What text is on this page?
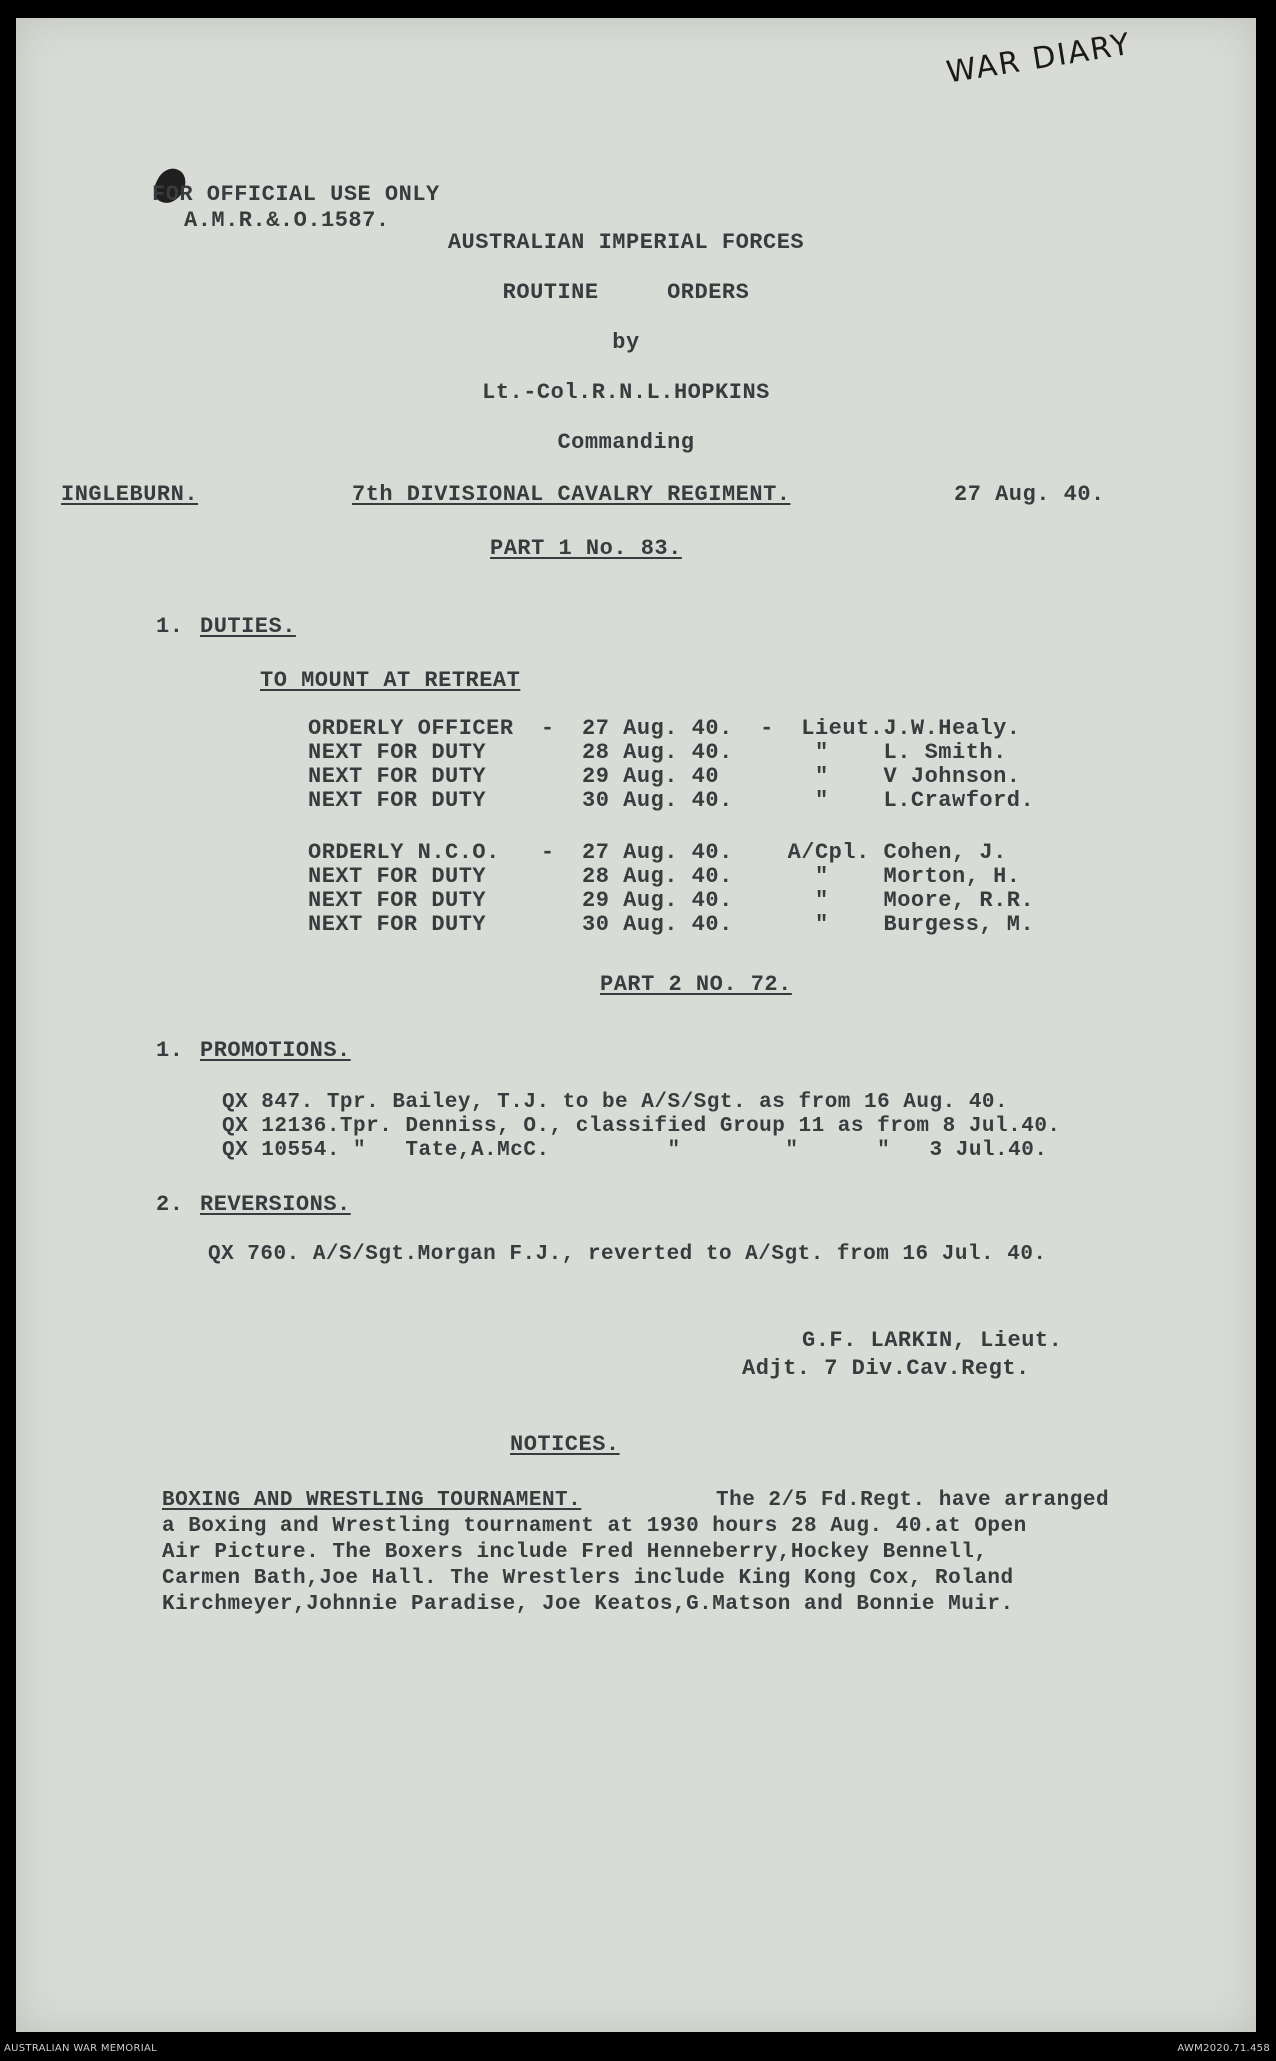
WAR DIARY
FOR OFFICIAL USE ONLY
A.M.R.&.O.1587.
AUSTRALIAN IMPERIAL FORCES
ROUTINE     ORDERS
by
Lt.-Col.R.N.L.HOPKINS
Commanding
INGLEBURN.	7th DIVISIONAL CAVALRY REGIMENT.	27 Aug. 40.
PART 1 No. 83.
1. DUTIES.
TO MOUNT AT RETREAT
ORDERLY OFFICER  -  27 Aug. 40.  -  Lieut.J.W.Healy.
NEXT FOR DUTY       28 Aug. 40.      "    L. Smith.
NEXT FOR DUTY       29 Aug. 40       "    V Johnson.
NEXT FOR DUTY       30 Aug. 40.      "    L.Crawford.
ORDERLY N.C.O.   -  27 Aug. 40.    A/Cpl. Cohen, J.
NEXT FOR DUTY       28 Aug. 40.      "    Morton, H.
NEXT FOR DUTY       29 Aug. 40.      "    Moore, R.R.
NEXT FOR DUTY       30 Aug. 40.      "    Burgess, M.
PART 2 NO. 72.
1. PROMOTIONS.
QX 847. Tpr. Bailey, T.J. to be A/S/Sgt. as from 16 Aug. 40.
QX 12136.Tpr. Denniss, O., classified Group 11 as from 8 Jul.40.
QX 10554. "   Tate,A.McC.         "        "      "   3 Jul.40.
2. REVERSIONS.
QX 760. A/S/Sgt.Morgan F.J., reverted to A/Sgt. from 16 Jul. 40.
G.F. LARKIN, Lieut.
Adjt. 7 Div.Cav.Regt.
NOTICES.
BOXING AND WRESTLING TOURNAMENT.	The 2/5 Fd.Regt. have arranged
a Boxing and Wrestling tournament at 1930 hours 28 Aug. 40.at Open
Air Picture. The Boxers include Fred Henneberry,Hockey Bennell,
Carmen Bath,Joe Hall. The Wrestlers include King Kong Cox, Roland
Kirchmeyer,Johnnie Paradise, Joe Keatos,G.Matson and Bonnie Muir.
AUSTRALIAN WAR MEMORIAL	AWM2020.71.458
